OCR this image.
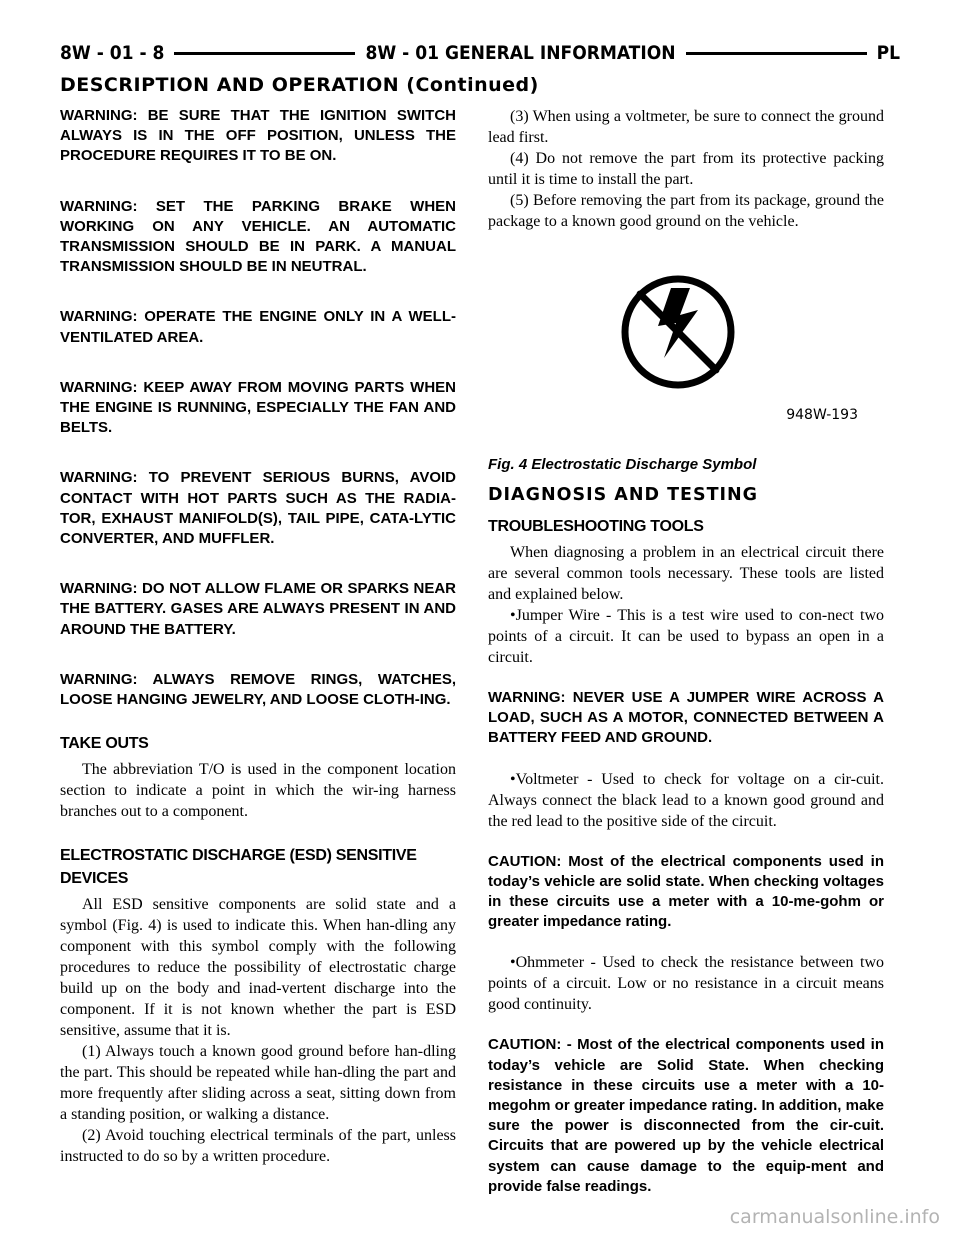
8W - 01 - 8	8W - 01 GENERAL INFORMATION	PL
DESCRIPTION AND OPERATION (Continued)

WARNING: BE SURE THAT THE IGNITION SWITCH ALWAYS IS IN THE OFF POSITION, UNLESS THE PROCEDURE REQUIRES IT TO BE ON.

WARNING: SET THE PARKING BRAKE WHEN WORKING ON ANY VEHICLE. AN AUTOMATIC TRANSMISSION SHOULD BE IN PARK. A MANUAL TRANSMISSION SHOULD BE IN NEUTRAL.

WARNING: OPERATE THE ENGINE ONLY IN A WELL-VENTILATED AREA.

WARNING: KEEP AWAY FROM MOVING PARTS WHEN THE ENGINE IS RUNNING, ESPECIALLY THE FAN AND BELTS.

WARNING: TO PREVENT SERIOUS BURNS, AVOID CONTACT WITH HOT PARTS SUCH AS THE RADIA-TOR, EXHAUST MANIFOLD(S), TAIL PIPE, CATA-LYTIC CONVERTER, AND MUFFLER.

WARNING: DO NOT ALLOW FLAME OR SPARKS NEAR THE BATTERY. GASES ARE ALWAYS PRESENT IN AND AROUND THE BATTERY.

WARNING: ALWAYS REMOVE RINGS, WATCHES, LOOSE HANGING JEWELRY, AND LOOSE CLOTH-ING.

TAKE OUTS

The abbreviation T/O is used in the component location section to indicate a point in which the wir-ing harness branches out to a component.

ELECTROSTATIC DISCHARGE (ESD) SENSITIVE DEVICES

All ESD sensitive components are solid state and a symbol (Fig. 4) is used to indicate this. When han-dling any component with this symbol comply with the following procedures to reduce the possibility of electrostatic charge build up on the body and inad-vertent discharge into the component. If it is not known whether the part is ESD sensitive, assume that it is.

(1) Always touch a known good ground before han-dling the part. This should be repeated while han-dling the part and more frequently after sliding across a seat, sitting down from a standing position, or walking a distance.

(2) Avoid touching electrical terminals of the part, unless instructed to do so by a written procedure.

(3) When using a voltmeter, be sure to connect the ground lead first.

(4) Do not remove the part from its protective packing until it is time to install the part.

(5) Before removing the part from its package, ground the package to a known good ground on the vehicle.

948W-193
Fig. 4 Electrostatic Discharge Symbol
DIAGNOSIS AND TESTING
TROUBLESHOOTING TOOLS

When diagnosing a problem in an electrical circuit there are several common tools necessary. These tools are listed and explained below.

•Jumper Wire - This is a test wire used to con-nect two points of a circuit. It can be used to bypass an open in a circuit.

WARNING: NEVER USE A JUMPER WIRE ACROSS A LOAD, SUCH AS A MOTOR, CONNECTED BETWEEN A BATTERY FEED AND GROUND.

•Voltmeter - Used to check for voltage on a cir-cuit. Always connect the black lead to a known good ground and the red lead to the positive side of the circuit.

CAUTION: Most of the electrical components used in today’s vehicle are solid state. When checking voltages in these circuits use a meter with a 10-me-gohm or greater impedance rating.

•Ohmmeter - Used to check the resistance between two points of a circuit. Low or no resistance in a circuit means good continuity.

CAUTION: - Most of the electrical components used in today’s vehicle are Solid State. When checking resistance in these circuits use a meter with a 10-megohm or greater impedance rating. In addition, make sure the power is disconnected from the cir-cuit. Circuits that are powered up by the vehicle electrical system can cause damage to the equip-ment and provide false readings.

carmanualsonline.info
